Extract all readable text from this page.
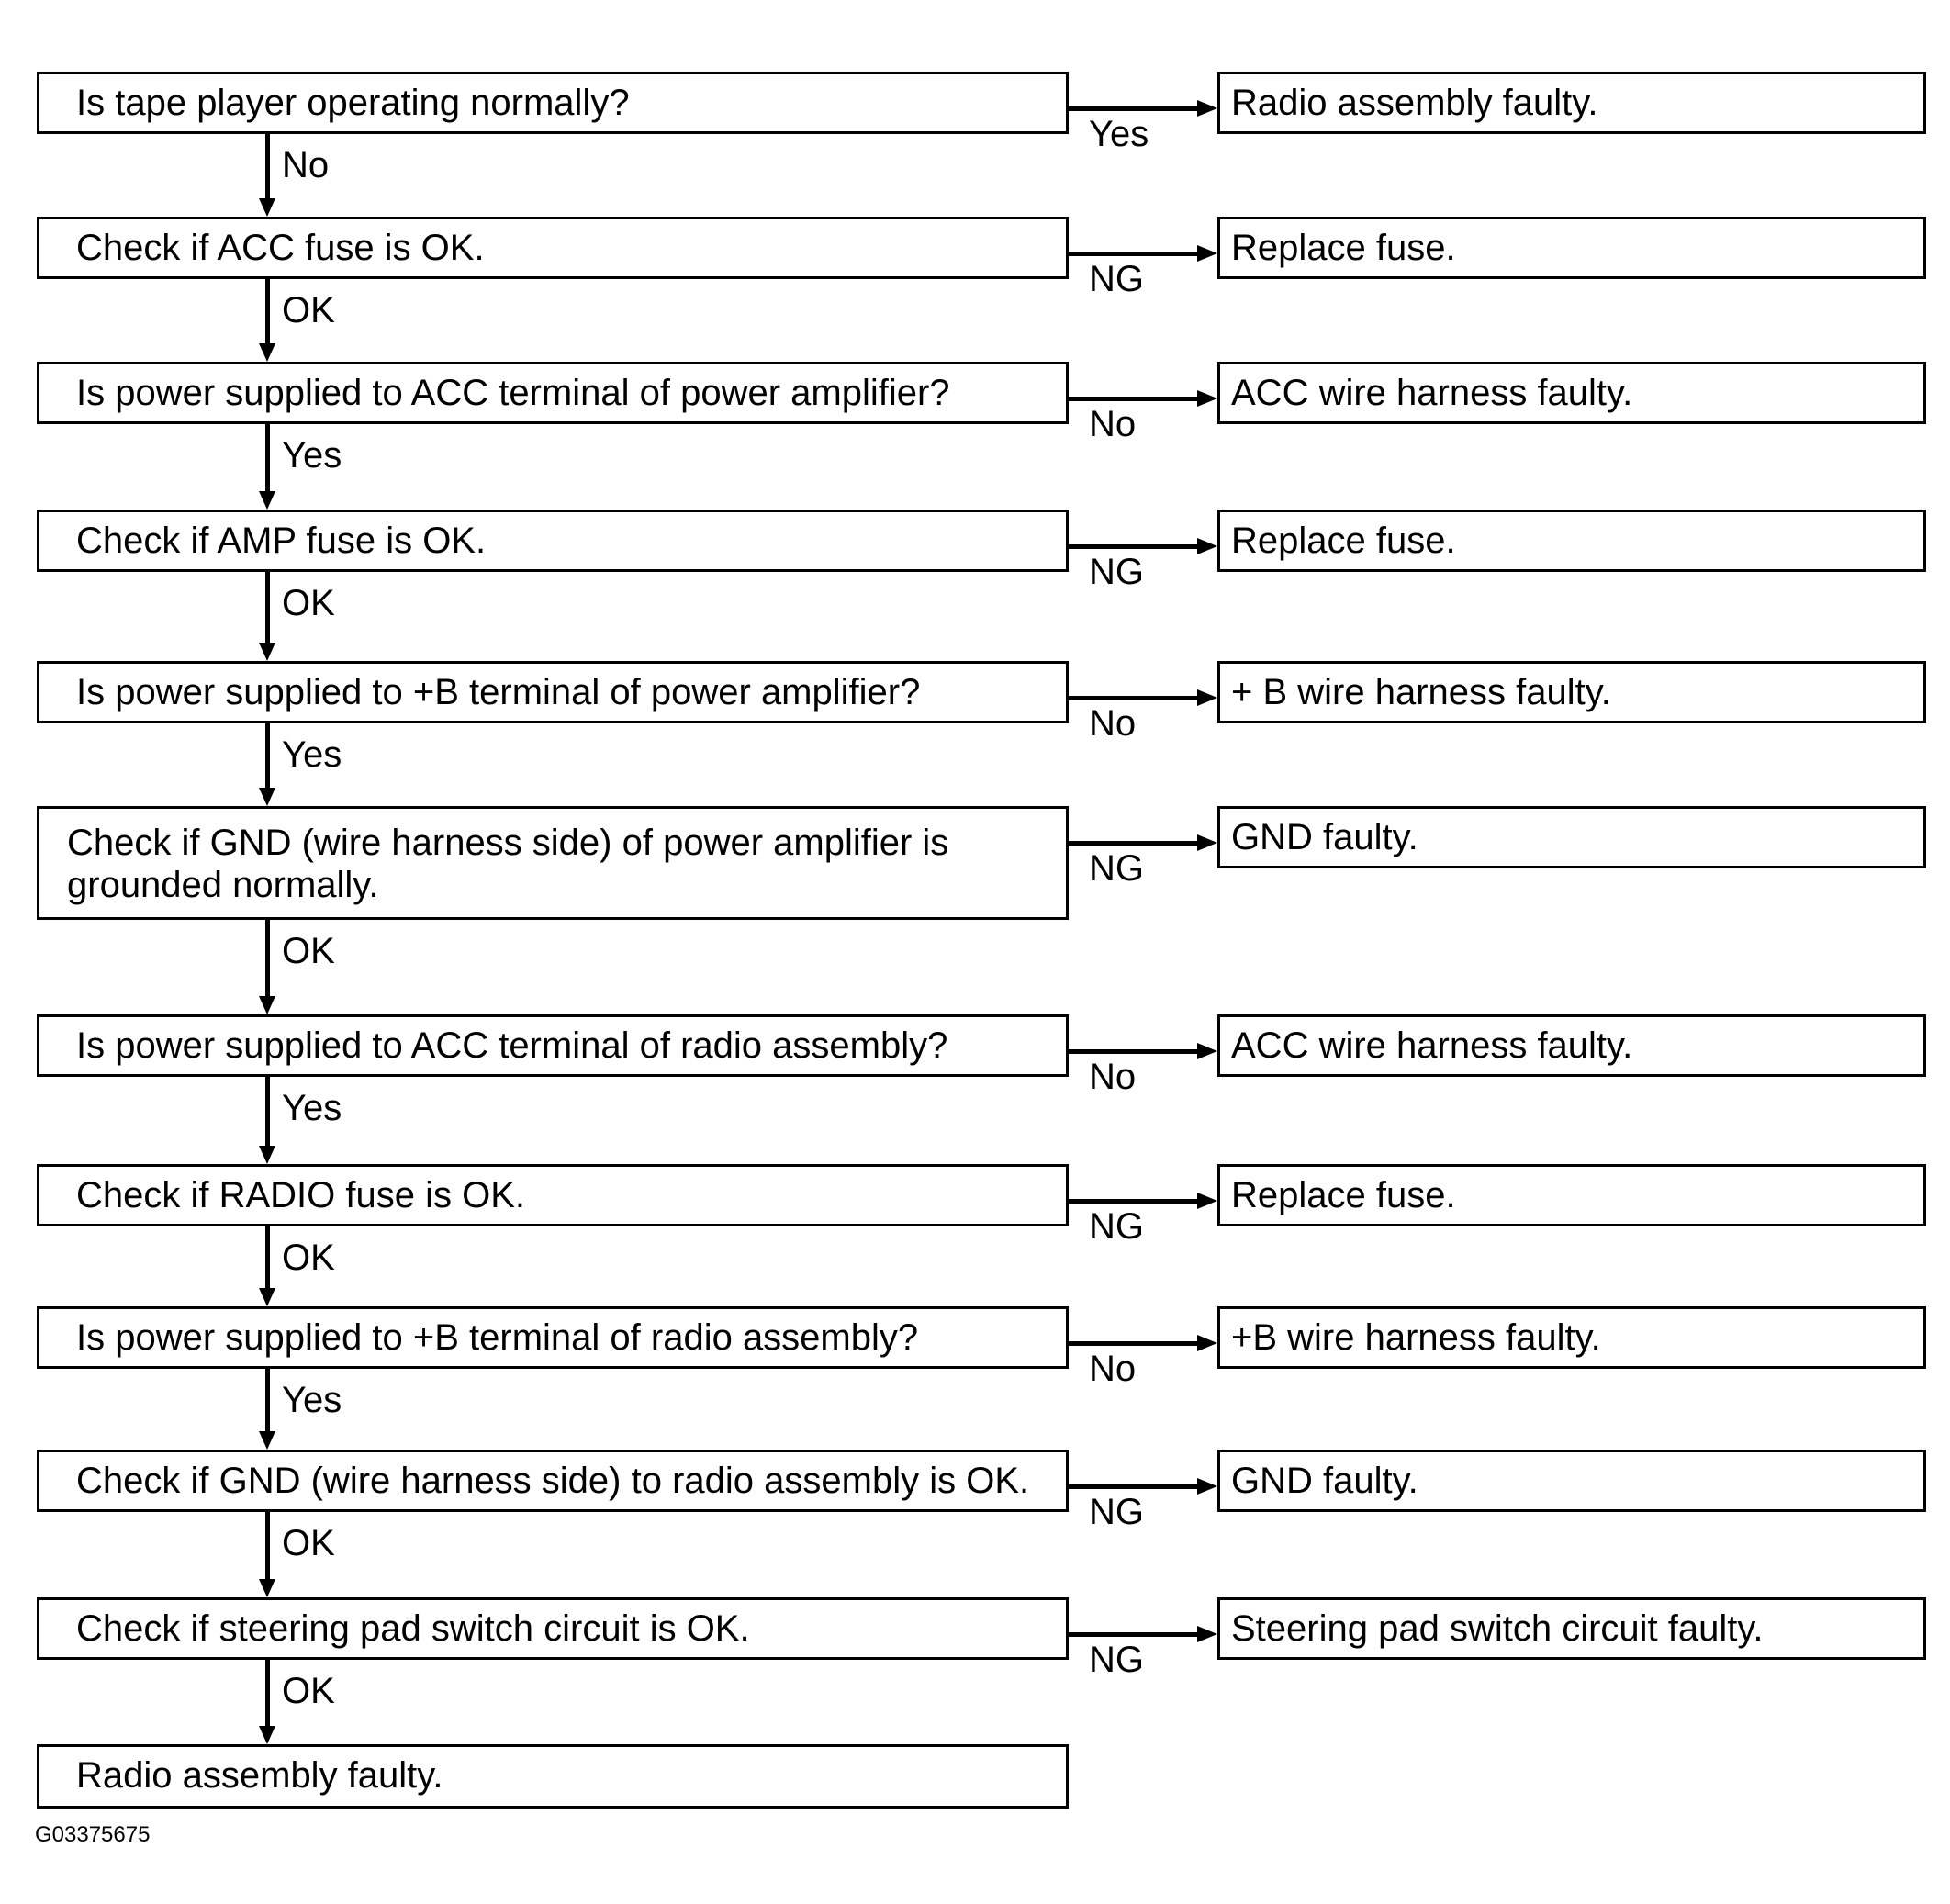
Is tape player operating normally?	Radio assembly faulty.
Yes
No
Check if ACC fuse is OK.	Replace fuse.
NG
OK
Is power supplied to ACC terminal of power amplifier?	ACC wire harness faulty.
No
Yes
Check if AMP fuse is OK.	Replace fuse.
NG
OK
Is power supplied to +B terminal of power amplifier?	+ B wire harness faulty.
No
Yes
Check if GND (wire harness side) of power amplifier is grounded normally.
GND faulty.
NG
OK
Is power supplied to ACC terminal of radio assembly?	ACC wire harness faulty.
No
Yes
Check if RADIO fuse is OK.	Replace fuse.
NG
OK
Is power supplied to +B terminal of radio assembly?	+B wire harness faulty.
No
Yes
Check if GND (wire harness side) to radio assembly is OK.	GND faulty.
NG
OK
Check if steering pad switch circuit is OK.	Steering pad switch circuit faulty.
NG
OK
Radio assembly faulty.
G03375675
